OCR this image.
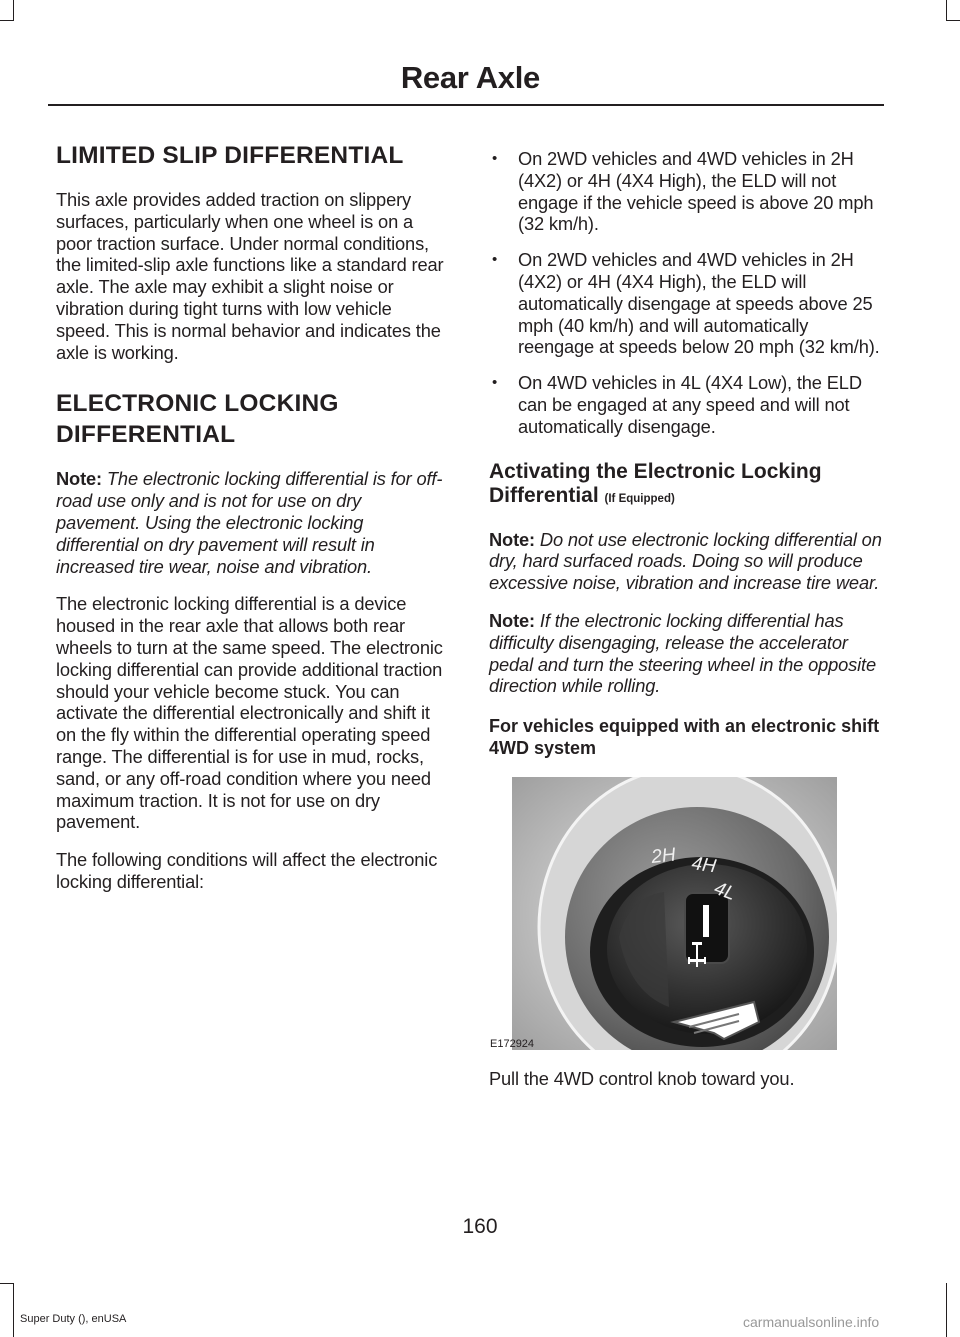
Rear Axle
LIMITED SLIP DIFFERENTIAL

This axle provides added traction on slippery surfaces, particularly when one wheel is on a poor traction surface. Under normal conditions, the limited-slip axle functions like a standard rear axle. The axle may exhibit a slight noise or vibration during tight turns with low vehicle speed. This is normal behavior and indicates the axle is working.

ELECTRONIC LOCKING
DIFFERENTIAL

Note: The electronic locking differential is for off-road use only and is not for use on dry pavement. Using the electronic locking differential on dry pavement will result in increased tire wear, noise and vibration.

The electronic locking differential is a device housed in the rear axle that allows both rear wheels to turn at the same speed. The electronic locking differential can provide additional traction should your vehicle become stuck. You can activate the differential electronically and shift it on the fly within the differential operating speed range. The differential is for use in mud, rocks, sand, or any off-road condition where you need maximum traction. It is not for use on dry pavement.

The following conditions will affect the electronic locking differential:

• On 2WD vehicles and 4WD vehicles in 2H (4X2) or 4H (4X4 High), the ELD will not engage if the vehicle speed is above 20 mph (32 km/h).
• On 2WD vehicles and 4WD vehicles in 2H (4X2) or 4H (4X4 High), the ELD will automatically disengage at speeds above 25 mph (40 km/h) and will automatically reengage at speeds below 20 mph (32 km/h).
• On 4WD vehicles in 4L (4X4 Low), the ELD can be engaged at any speed and will not automatically disengage.
Activating the Electronic Locking Differential (If Equipped)

Note: Do not use electronic locking differential on dry, hard surfaced roads. Doing so will produce excessive noise, vibration and increase tire wear.

Note: If the electronic locking differential has difficulty disengaging, release the accelerator pedal and turn the steering wheel in the opposite direction while rolling.

For vehicles equipped with an electronic shift 4WD system
2H 4H
4L
E172924

Pull the 4WD control knob toward you.

160
Super Duty (), enUSA	carmanualsonline.info
